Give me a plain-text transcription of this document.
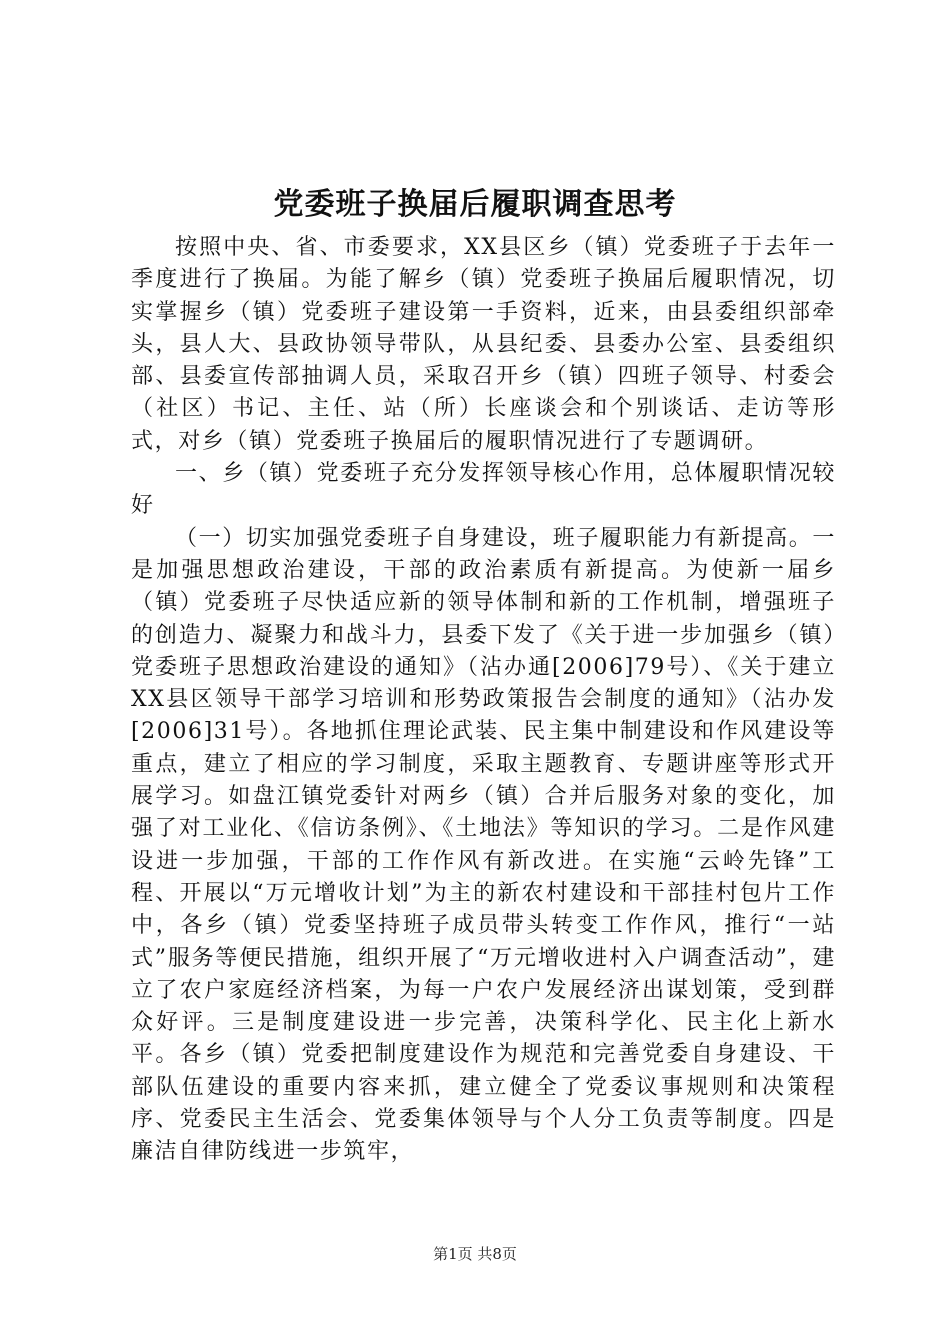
党委班子换届后履职调查思考

按照中央、省、市委要求，XX县区乡（镇）党委班子于去年一季度进行了换届。为能了解乡（镇）党委班子换届后履职情况，切实掌握乡（镇）党委班子建设第一手资料，近来，由县委组织部牵头，县人大、县政协领导带队，从县纪委、县委办公室、县委组织部、县委宣传部抽调人员，采取召开乡（镇）四班子领导、村委会（社区）书记、主任、站（所）长座谈会和个别谈话、走访等形式，对乡（镇）党委班子换届后的履职情况进行了专题调研。

一、乡（镇）党委班子充分发挥领导核心作用，总体履职情况较好

（一）切实加强党委班子自身建设，班子履职能力有新提高。一是加强思想政治建设，干部的政治素质有新提高。为使新一届乡（镇）党委班子尽快适应新的领导体制和新的工作机制，增强班子的创造力、凝聚力和战斗力，县委下发了《关于进一步加强乡（镇）党委班子思想政治建设的通知》（沾办通[2006]79号）、《关于建立XX县区领导干部学习培训和形势政策报告会制度的通知》（沾办发[2006]31号）。各地抓住理论武装、民主集中制建设和作风建设等重点，建立了相应的学习制度，采取主题教育、专题讲座等形式开展学习。如盘江镇党委针对两乡（镇）合并后服务对象的变化，加强了对工业化、《信访条例》、《土地法》等知识的学习。二是作风建设进一步加强，干部的工作作风有新改进。在实施“云岭先锋”工程、开展以“万元增收计划”为主的新农村建设和干部挂村包片工作中，各乡（镇）党委坚持班子成员带头转变工作作风，推行“一站式”服务等便民措施，组织开展了“万元增收进村入户调查活动”，建立了农户家庭经济档案，为每一户农户发展经济出谋划策，受到群众好评。三是制度建设进一步完善，决策科学化、民主化上新水平。各乡（镇）党委把制度建设作为规范和完善党委自身建设、干部队伍建设的重要内容来抓，建立健全了党委议事规则和决策程序、党委民主生活会、党委集体领导与个人分工负责等制度。四是廉洁自律防线进一步筑牢，

第1页 共8页
